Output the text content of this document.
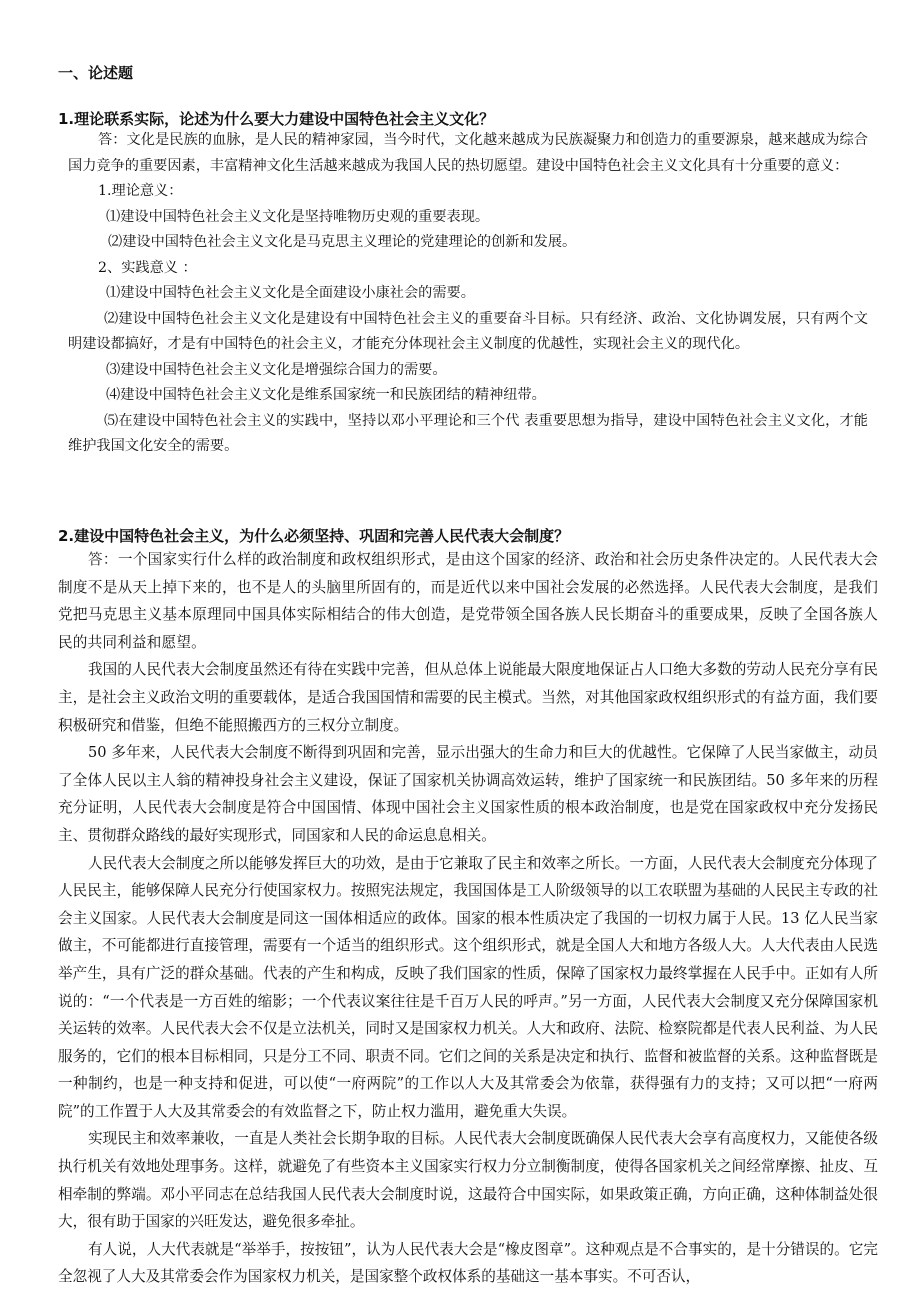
一、论述题
1.理论联系实际，论述为什么要大力建设中国特色社会主义文化？

答：文化是民族的血脉，是人民的精神家园，当今时代，文化越来越成为民族凝聚力和创造力的重要源泉，越来越成为综合国力竞争的重要因素，丰富精神文化生活越来越成为我国人民的热切愿望。建设中国特色社会主义文化具有十分重要的意义：

1.理论意义：

⑴建设中国特色社会主义文化是坚持唯物历史观的重要表现。

⑵建设中国特色社会主义文化是马克思主义理论的党建理论的创新和发展。

2、实践意义 ：

⑴建设中国特色社会主义文化是全面建设小康社会的需要。

⑵建设中国特色社会主义文化是建设有中国特色社会主义的重要奋斗目标。只有经济、政治、文化协调发展，只有两个文明建设都搞好，才是有中国特色的社会主义，才能充分体现社会主义制度的优越性，实现社会主义的现代化。

⑶建设中国特色社会主义文化是增强综合国力的需要。

⑷建设中国特色社会主义文化是维系国家统一和民族团结的精神纽带。

⑸在建设中国特色社会主义的实践中，坚持以邓小平理论和三个代 表重要思想为指导，建设中国特色社会主义文化，才能维护我国文化安全的需要。

2.建设中国特色社会主义，为什么必须坚持、巩固和完善人民代表大会制度？

答：一个国家实行什么样的政治制度和政权组织形式，是由这个国家的经济、政治和社会历史条件决定的。人民代表大会制度不是从天上掉下来的，也不是人的头脑里所固有的，而是近代以来中国社会发展的必然选择。人民代表大会制度，是我们党把马克思主义基本原理同中国具体实际相结合的伟大创造，是党带领全国各族人民长期奋斗的重要成果，反映了全国各族人民的共同利益和愿望。

我国的人民代表大会制度虽然还有待在实践中完善，但从总体上说能最大限度地保证占人口绝大多数的劳动人民充分享有民主，是社会主义政治文明的重要载体，是适合我国国情和需要的民主模式。当然，对其他国家政权组织形式的有益方面，我们要积极研究和借鉴，但绝不能照搬西方的三权分立制度。

50 多年来，人民代表大会制度不断得到巩固和完善，显示出强大的生命力和巨大的优越性。它保障了人民当家做主，动员了全体人民以主人翁的精神投身社会主义建设，保证了国家机关协调高效运转，维护了国家统一和民族团结。50 多年来的历程充分证明，人民代表大会制度是符合中国国情、体现中国社会主义国家性质的根本政治制度，也是党在国家政权中充分发扬民主、贯彻群众路线的最好实现形式，同国家和人民的命运息息相关。

人民代表大会制度之所以能够发挥巨大的功效，是由于它兼取了民主和效率之所长。一方面，人民代表大会制度充分体现了人民民主，能够保障人民充分行使国家权力。按照宪法规定，我国国体是工人阶级领导的以工农联盟为基础的人民民主专政的社会主义国家。人民代表大会制度是同这一国体相适应的政体。国家的根本性质决定了我国的一切权力属于人民。13 亿人民当家做主，不可能都进行直接管理，需要有一个适当的组织形式。这个组织形式，就是全国人大和地方各级人大。人大代表由人民选举产生，具有广泛的群众基础。代表的产生和构成，反映了我们国家的性质，保障了国家权力最终掌握在人民手中。正如有人所说的：“一个代表是一方百姓的缩影；一个代表议案往往是千百万人民的呼声。”另一方面，人民代表大会制度又充分保障国家机关运转的效率。人民代表大会不仅是立法机关，同时又是国家权力机关。人大和政府、法院、检察院都是代表人民利益、为人民服务的，它们的根本目标相同，只是分工不同、职责不同。它们之间的关系是决定和执行、监督和被监督的关系。这种监督既是一种制约，也是一种支持和促进，可以使“一府两院”的工作以人大及其常委会为依靠，获得强有力的支持；又可以把“一府两院”的工作置于人大及其常委会的有效监督之下，防止权力滥用，避免重大失误。

实现民主和效率兼收，一直是人类社会长期争取的目标。人民代表大会制度既确保人民代表大会享有高度权力，又能使各级执行机关有效地处理事务。这样，就避免了有些资本主义国家实行权力分立制衡制度，使得各国家机关之间经常摩擦、扯皮、互相牵制的弊端。邓小平同志在总结我国人民代表大会制度时说，这最符合中国实际，如果政策正确，方向正确，这种体制益处很大，很有助于国家的兴旺发达，避免很多牵扯。

有人说，人大代表就是“举举手，按按钮”，认为人民代表大会是“橡皮图章”。这种观点是不合事实的，是十分错误的。它完全忽视了人大及其常委会作为国家权力机关，是国家整个政权体系的基础这一基本事实。不可否认，
